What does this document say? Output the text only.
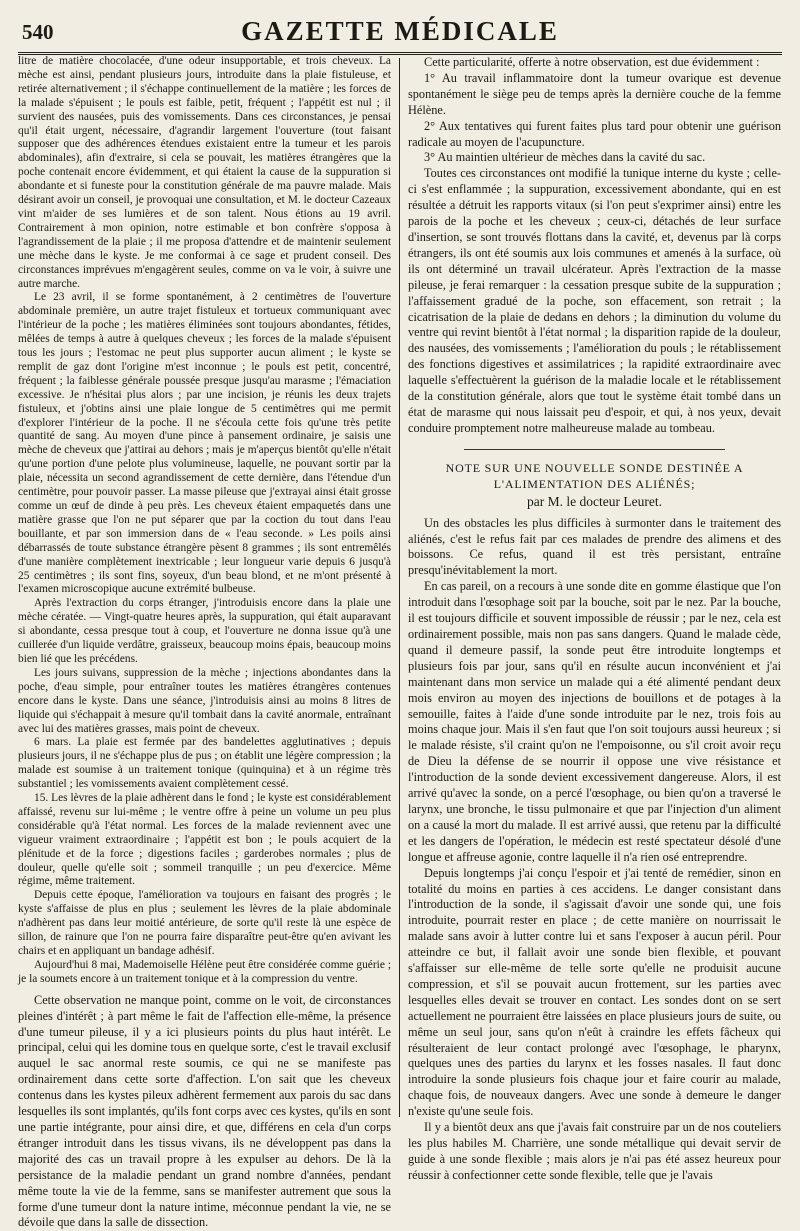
540	GAZETTE MÉDICALE

litre de matière chocolacée, d'une odeur insupportable, et trois cheveux. La mèche est ainsi, pendant plusieurs jours, introduite dans la plaie fistuleuse, et retirée alternativement ; il s'échappe continuellement de la matière ; les forces de la malade s'épuisent ; le pouls est faible, petit, fréquent ; l'appétit est nul ; il survient des nausées, puis des vomissements. Dans ces circonstances, je pensai qu'il était urgent, nécessaire, d'agrandir largement l'ouverture (tout faisant supposer que des adhérences étendues existaient entre la tumeur et les parois abdominales), afin d'extraire, si cela se pouvait, les matières étrangères que la poche contenait encore évidemment, et qui étaient la cause de la suppuration si abondante et si funeste pour la constitution générale de ma pauvre malade. Mais désirant avoir un conseil, je provoquai une consultation, et M. le docteur Cazeaux vint m'aider de ses lumières et de son talent. Nous étions au 19 avril. Contrairement à mon opinion, notre estimable et bon confrère s'opposa à l'agrandissement de la plaie ; il me proposa d'attendre et de maintenir seulement une mèche dans le kyste. Je me conformai à ce sage et prudent conseil. Des circonstances imprévues m'engagèrent seules, comme on va le voir, à suivre une autre marche.

Le 23 avril, il se forme spontanément, à 2 centimètres de l'ouverture abdominale première, un autre trajet fistuleux et tortueux communiquant avec l'intérieur de la poche ; les matières éliminées sont toujours abondantes, fétides, mêlées de temps à autre à quelques cheveux ; les forces de la malade s'épuisent tous les jours ; l'estomac ne peut plus supporter aucun aliment ; le kyste se remplit de gaz dont l'origine m'est inconnue ; le pouls est petit, concentré, fréquent ; la faiblesse générale poussée presque jusqu'au marasme ; l'émaciation excessive. Je n'hésitai plus alors ; par une incision, je réunis les deux trajets fistuleux, et j'obtins ainsi une plaie longue de 5 centimètres qui me permit d'explorer l'intérieur de la poche. Il ne s'écoula cette fois qu'une très petite quantité de sang. Au moyen d'une pince à pansement ordinaire, je saisis une mèche de cheveux que j'attirai au dehors ; mais je m'aperçus bientôt qu'elle n'était qu'une portion d'une pelote plus volumineuse, laquelle, ne pouvant sortir par la plaie, nécessita un second agrandissement de cette dernière, dans l'étendue d'un centimètre, pour pouvoir passer. La masse pileuse que j'extrayai ainsi était grosse comme un œuf de dinde à peu près. Les cheveux étaient empaquetés dans une matière grasse que l'on ne put séparer que par la coction du tout dans l'eau bouillante, et par son immersion dans de « l'eau seconde. » Les poils ainsi débarrassés de toute substance étrangère pèsent 8 grammes ; ils sont entremêlés d'une manière complètement inextricable ; leur longueur varie depuis 6 jusqu'à 25 centimètres ; ils sont fins, soyeux, d'un beau blond, et ne m'ont présenté à l'examen microscopique aucune extrémité bulbeuse.

Après l'extraction du corps étranger, j'introduisis encore dans la plaie une mèche cératée. — Vingt-quatre heures après, la suppuration, qui était auparavant si abondante, cessa presque tout à coup, et l'ouverture ne donna issue qu'à une cuillerée d'un liquide verdâtre, graisseux, beaucoup moins épais, beaucoup moins bien lié que les précédens.

Les jours suivans, suppression de la mèche ; injections abondantes dans la poche, d'eau simple, pour entraîner toutes les matières étrangères contenues encore dans le kyste. Dans une séance, j'introduisis ainsi au moins 8 litres de liquide qui s'échappait à mesure qu'il tombait dans la cavité anormale, entraînant avec lui des matières grasses, mais point de cheveux.

6 mars. La plaie est fermée par des bandelettes agglutinatives ; depuis plusieurs jours, il ne s'échappe plus de pus ; on établit une légère compression ; la malade est soumise à un traitement tonique (quinquina) et à un régime très substantiel ; les vomissements avaient complètement cessé.

15. Les lèvres de la plaie adhèrent dans le fond ; le kyste est considérablement affaissé, revenu sur lui-même ; le ventre offre à peine un volume un peu plus considérable qu'à l'état normal. Les forces de la malade reviennent avec une vigueur vraiment extraordinaire ; l'appétit est bon ; le pouls acquiert de la plénitude et de la force ; digestions faciles ; garderobes normales ; plus de douleur, quelle qu'elle soit ; sommeil tranquille ; un peu d'exercice. Même régime, même traitement.

Depuis cette époque, l'amélioration va toujours en faisant des progrès ; le kyste s'affaisse de plus en plus ; seulement les lèvres de la plaie abdominale n'adhèrent pas dans leur moitié antérieure, de sorte qu'il reste là une espèce de sillon, de rainure que l'on ne pourra faire disparaître peut-être qu'en avivant les chairs et en appliquant un bandage adhésif.

Aujourd'hui 8 mai, Mademoiselle Hélène peut être considérée comme guérie ; je la soumets encore à un traitement tonique et à la compression du ventre.

Cette observation ne manque point, comme on le voit, de circonstances pleines d'intérêt ; à part même le fait de l'affection elle-même, la présence d'une tumeur pileuse, il y a ici plusieurs points du plus haut intérêt. Le principal, celui qui les domine tous en quelque sorte, c'est le travail exclusif auquel le sac anormal reste soumis, ce qui ne se manifeste pas ordinairement dans cette sorte d'affection. L'on sait que les cheveux contenus dans les kystes pileux adhèrent fermement aux parois du sac dans lesquelles ils sont implantés, qu'ils font corps avec ces kystes, qu'ils en sont une partie intégrante, pour ainsi dire, et que, différens en cela d'un corps étranger introduit dans les tissus vivans, ils ne développent pas dans la majorité des cas un travail propre à les expulser au dehors. De là la persistance de la maladie pendant un grand nombre d'années, pendant même toute la vie de la femme, sans se manifester autrement que sous la forme d'une tumeur dont la nature intime, méconnue pendant la vie, ne se dévoile que dans la salle de dissection.

Cette particularité, offerte à notre observation, est due évidemment :

1° Au travail inflammatoire dont la tumeur ovarique est devenue spontanément le siège peu de temps après la dernière couche de la femme Hélène.

2° Aux tentatives qui furent faites plus tard pour obtenir une guérison radicale au moyen de l'acupuncture.

3° Au maintien ultérieur de mèches dans la cavité du sac.

Toutes ces circonstances ont modifié la tunique interne du kyste ; celle-ci s'est enflammée ; la suppuration, excessivement abondante, qui en est résultée a détruit les rapports vitaux (si l'on peut s'exprimer ainsi) entre les parois de la poche et les cheveux ; ceux-ci, détachés de leur surface d'insertion, se sont trouvés flottans dans la cavité, et, devenus par là corps étrangers, ils ont été soumis aux lois communes et amenés à la surface, où ils ont déterminé un travail ulcérateur. Après l'extraction de la masse pileuse, je ferai remarquer : la cessation presque subite de la suppuration ; l'affaissement gradué de la poche, son effacement, son retrait ; la cicatrisation de la plaie de dedans en dehors ; la diminution du volume du ventre qui revint bientôt à l'état normal ; la disparition rapide de la douleur, des nausées, des vomissements ; l'amélioration du pouls ; le rétablissement des fonctions digestives et assimilatrices ; la rapidité extraordinaire avec laquelle s'effectuèrent la guérison de la maladie locale et le rétablissement de la constitution générale, alors que tout le système était tombé dans un état de marasme qui nous laissait peu d'espoir, et qui, à nos yeux, devait conduire promptement notre malheureuse malade au tombeau.

NOTE SUR UNE NOUVELLE SONDE DESTINÉE A L'ALIMENTATION DES ALIÉNÉS;
par M. le docteur Leuret.

Un des obstacles les plus difficiles à surmonter dans le traitement des aliénés, c'est le refus fait par ces malades de prendre des alimens et des boissons. Ce refus, quand il est très persistant, entraîne presqu'inévitablement la mort.

En cas pareil, on a recours à une sonde dite en gomme élastique que l'on introduit dans l'œsophage soit par la bouche, soit par le nez. Par la bouche, il est toujours difficile et souvent impossible de réussir ; par le nez, cela est ordinairement possible, mais non pas sans dangers. Quand le malade cède, quand il demeure passif, la sonde peut être introduite longtemps et plusieurs fois par jour, sans qu'il en résulte aucun inconvénient et j'ai maintenant dans mon service un malade qui a été alimenté pendant deux mois environ au moyen des injections de bouillons et de potages à la semouille, faites à l'aide d'une sonde introduite par le nez, trois fois au moins chaque jour. Mais il s'en faut que l'on soit toujours aussi heureux ; si le malade résiste, s'il craint qu'on ne l'empoisonne, ou s'il croit avoir reçu de Dieu la défense de se nourrir il oppose une vive résistance et l'introduction de la sonde devient excessivement dangereuse. Alors, il est arrivé qu'avec la sonde, on a percé l'œsophage, ou bien qu'on a traversé le larynx, une bronche, le tissu pulmonaire et que par l'injection d'un aliment on a causé la mort du malade. Il est arrivé aussi, que retenu par la difficulté et les dangers de l'opération, le médecin est resté spectateur désolé d'une longue et affreuse agonie, contre laquelle il n'a rien osé entreprendre.

Depuis longtemps j'ai conçu l'espoir et j'ai tenté de remédier, sinon en totalité du moins en parties à ces accidens. Le danger consistant dans l'introduction de la sonde, il s'agissait d'avoir une sonde qui, une fois introduite, pourrait rester en place ; de cette manière on nourrissait le malade sans avoir à lutter contre lui et sans l'exposer à aucun péril. Pour atteindre ce but, il fallait avoir une sonde bien flexible, et pouvant s'affaisser sur elle-même de telle sorte qu'elle ne produisit aucune compression, et s'il se pouvait aucun frottement, sur les parties avec lesquelles elles devait se trouver en contact. Les sondes dont on se sert actuellement ne pourraient être laissées en place plusieurs jours de suite, ou même un seul jour, sans qu'on n'eût à craindre les effets fâcheux qui résulteraient de leur contact prolongé avec l'œsophage, le pharynx, quelques unes des parties du larynx et les fosses nasales. Il faut donc introduire la sonde plusieurs fois chaque jour et faire courir au malade, chaque fois, de nouveaux dangers. Avec une sonde à demeure le danger n'existe qu'une seule fois.

Il y a bientôt deux ans que j'avais fait construire par un de nos couteliers les plus habiles M. Charrière, une sonde métallique qui devait servir de guide à une sonde flexible ; mais alors je n'ai pas été assez heureux pour réussir à confectionner cette sonde flexible, telle que je l'avais
